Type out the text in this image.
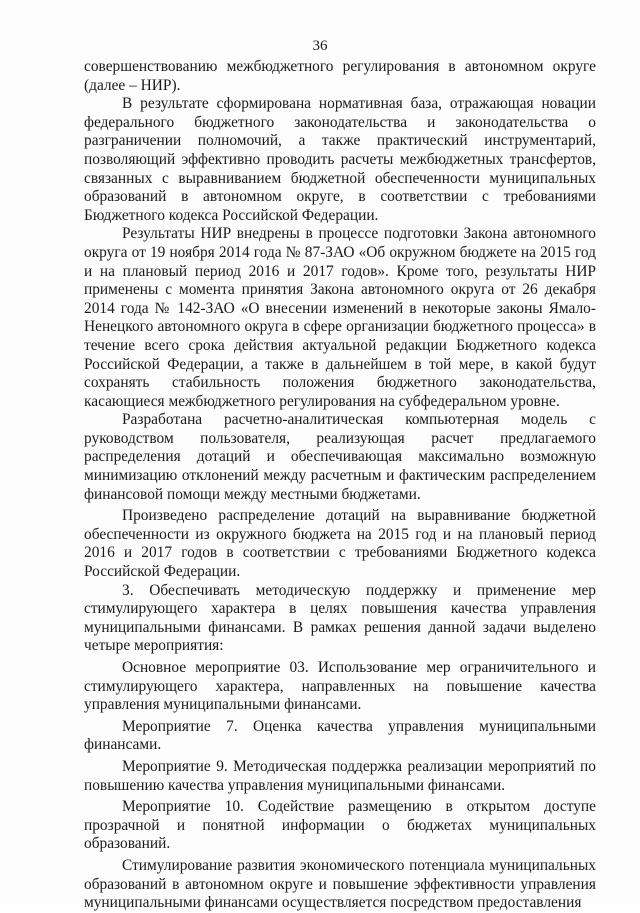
36

совершенствованию межбюджетного регулирования в автономном округе (далее – НИР).

В результате сформирована нормативная база, отражающая новации федерального бюджетного законодательства и законодательства о разграничении полномочий, а также практический инструментарий, позволяющий эффективно проводить расчеты межбюджетных трансфертов, связанных с выравниванием бюджетной обеспеченности муниципальных образований в автономном округе, в соответствии с требованиями Бюджетного кодекса Российской Федерации.

Результаты НИР внедрены в процессе подготовки Закона автономного округа от 19 ноября 2014 года № 87-ЗАО «Об окружном бюджете на 2015 год и на плановый период 2016 и 2017 годов». Кроме того, результаты НИР применены с момента принятия Закона автономного округа от 26 декабря 2014 года № 142-ЗАО «О внесении изменений в некоторые законы Ямало-Ненецкого автономного округа в сфере организации бюджетного процесса» в течение всего срока действия актуальной редакции Бюджетного кодекса Российской Федерации, а также в дальнейшем в той мере, в какой будут сохранять стабильность положения бюджетного законодательства, касающиеся межбюджетного регулирования на субфедеральном уровне.

Разработана расчетно-аналитическая компьютерная модель с руководством пользователя, реализующая расчет предлагаемого распределения дотаций и обеспечивающая максимально возможную минимизацию отклонений между расчетным и фактическим распределением финансовой помощи между местными бюджетами.

Произведено распределение дотаций на выравнивание бюджетной обеспеченности из окружного бюджета на 2015 год и на плановый период 2016 и 2017 годов в соответствии с требованиями Бюджетного кодекса Российской Федерации.

3. Обеспечивать методическую поддержку и применение мер стимулирующего характера в целях повышения качества управления муниципальными финансами. В рамках решения данной задачи выделено четыре мероприятия:

Основное мероприятие 03. Использование мер ограничительного и стимулирующего характера, направленных на повышение качества управления муниципальными финансами.

Мероприятие 7. Оценка качества управления муниципальными финансами.

Мероприятие 9. Методическая поддержка реализации мероприятий по повышению качества управления муниципальными финансами.

Мероприятие 10. Содействие размещению в открытом доступе прозрачной и понятной информации о бюджетах муниципальных образований.

Стимулирование развития экономического потенциала муниципальных образований в автономном округе и повышение эффективности управления муниципальными финансами осуществляется посредством предоставления
